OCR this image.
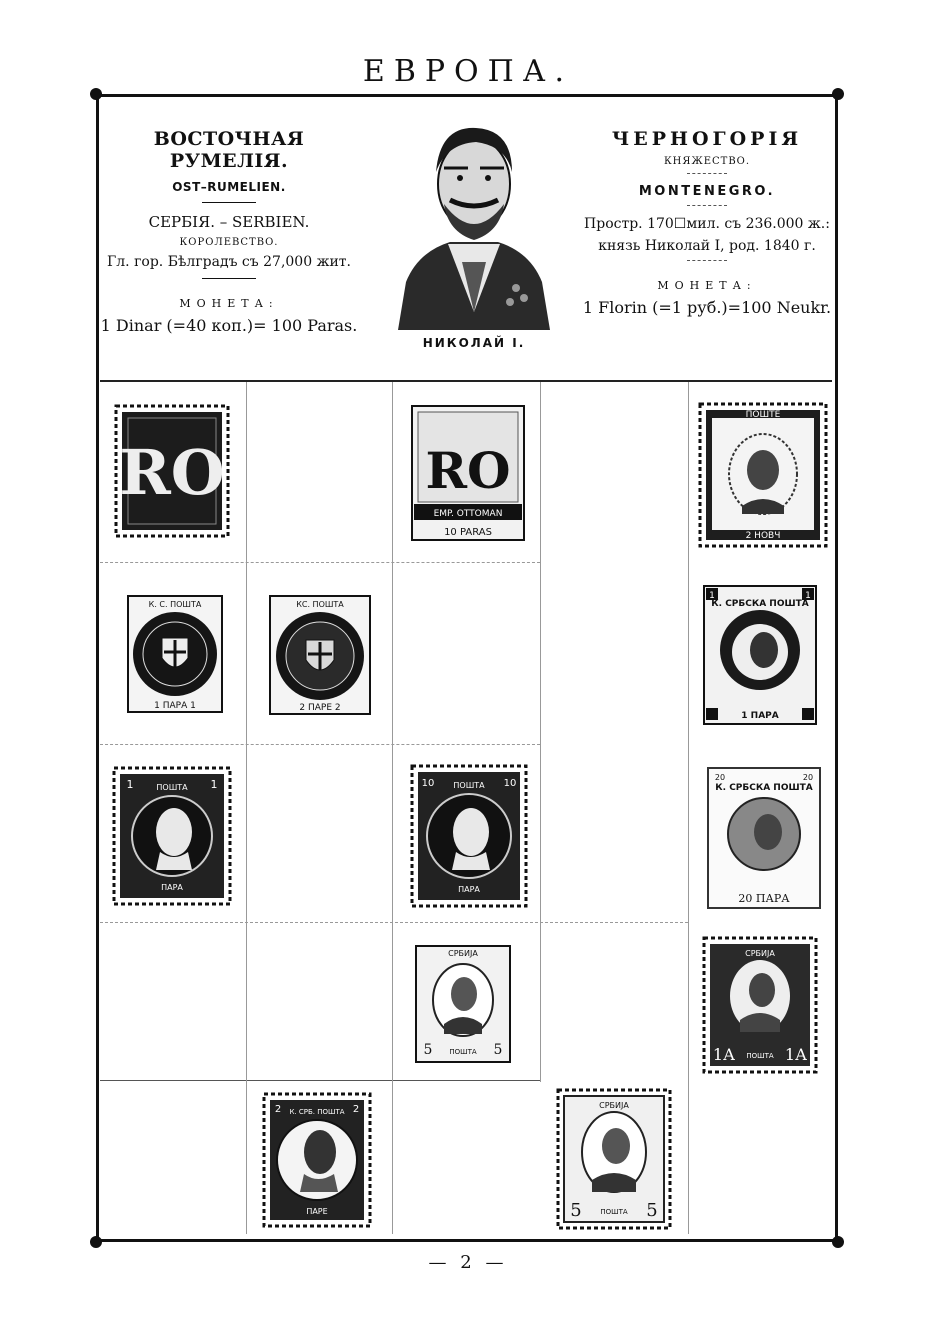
ЕВРОПА.
ВОСТОЧНАЯ РУМЕЛІЯ.
OST–RUMELIEN.
СЕРБІЯ. – SERBIEN.
КОРОЛЕВСТВО.
Гл. гор. Бѣлградъ съ 27,000 жит.
МОНЕТА:
1 Dinar (=40 коп.)= 100 Paras.
НИКОЛАЙ I.
ЧЕРНОГОРІЯ
КНЯЖЕСТВО.
MONTENEGRO.
Простр. 170☐мил. съ 236.000 ж.:
князь Николай I, род. 1840 г.
МОНЕТА:
1 Florin (=1 руб.)=100 Neukr.
RO	RO
EMP. OTTOMAN
10 PARAS
ПОШТЕ
2 НОВЧ
К. С. ПОШТА
1 ПАРА 1
КС. ПОШТА
2 ПАРЕ 2
1	1
К. СРБСКА ПОШТА
1 ПАРА
1	1
ПОШТА
ПАРА
10	10
ПОШТА
ПАРА
20	20
К. СРБСКА ПОШТА
20 ПАРА
СРБИЈА
5	5
ПОШТА
СРБИЈА
1А	1А
ПОШТА
2	2
К. СРБ. ПОШТА
ПАРЕ
СРБИЈА
5	5
ПОШТА
— 2 —
